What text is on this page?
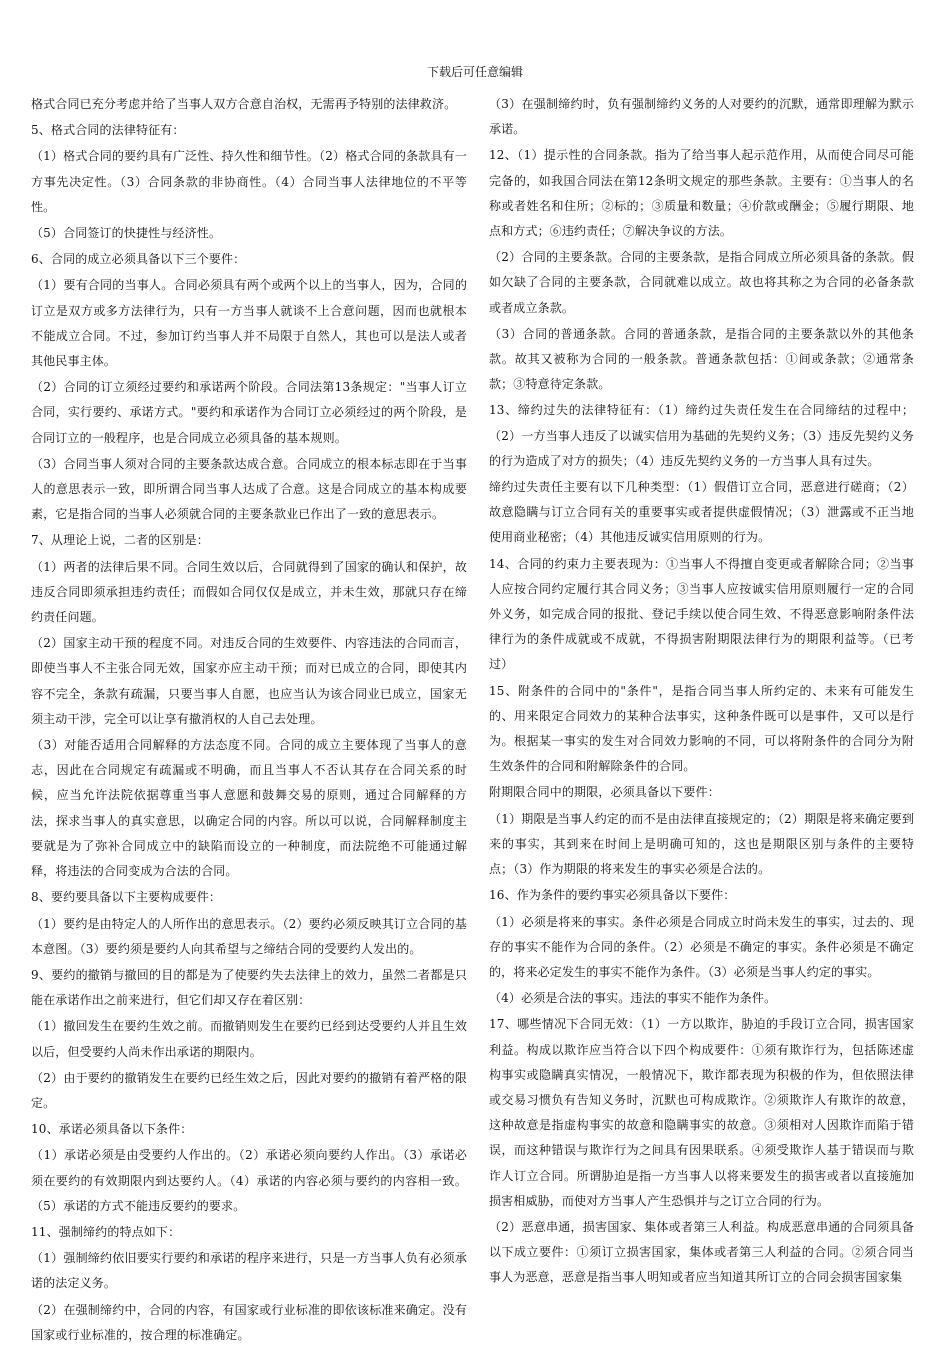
下载后可任意编辑

格式合同已充分考虑并给了当事人双方合意自治权，无需再予特别的法律救济。

5、格式合同的法律特征有：

（1）格式合同的要约具有广泛性、持久性和细节性。（2）格式合同的条款具有一方事先决定性。（3）合同条款的非协商性。（4）合同当事人法律地位的不平等性。

（5）合同签订的快捷性与经济性。

6、合同的成立必须具备以下三个要件：

（1）要有合同的当事人。合同必须具有两个或两个以上的当事人，因为，合同的订立是双方或多方法律行为，只有一方当事人就谈不上合意问题，因而也就根本不能成立合同。不过，参加订约当事人并不局限于自然人，其也可以是法人或者其他民事主体。

（2）合同的订立须经过要约和承诺两个阶段。合同法第13条规定："当事人订立合同，实行要约、承诺方式。"要约和承诺作为合同订立必须经过的两个阶段，是合同订立的一般程序，也是合同成立必须具备的基本规则。

（3）合同当事人须对合同的主要条款达成合意。合同成立的根本标志即在于当事人的意思表示一致，即所谓合同当事人达成了合意。这是合同成立的基本构成要素，它是指合同的当事人必须就合同的主要条款业已作出了一致的意思表示。

7、从理论上说，二者的区别是：

（1）两者的法律后果不同。合同生效以后，合同就得到了国家的确认和保护，故违反合同即须承担违约责任；而假如合同仅仅是成立，并未生效，那就只存在缔约责任问题。

（2）国家主动干预的程度不同。对违反合同的生效要件、内容违法的合同而言，即使当事人不主张合同无效，国家亦应主动干预；而对已成立的合同，即使其内容不完全，条款有疏漏，只要当事人自愿，也应当认为该合同业已成立，国家无须主动干涉，完全可以让享有撤消权的人自己去处理。

（3）对能否适用合同解释的方法态度不同。合同的成立主要体现了当事人的意志，因此在合同规定有疏漏或不明确，而且当事人不否认其存在合同关系的时候，应当允许法院依据尊重当事人意愿和鼓舞交易的原则，通过合同解释的方法，探求当事人的真实意思，以确定合同的内容。所以可以说，合同解释制度主要就是为了弥补合同成立中的缺陷而设立的一种制度，而法院绝不可能通过解释，将违法的合同变成为合法的合同。

8、要约要具备以下主要构成要件：

（1）要约是由特定人的人所作出的意思表示。（2）要约必须反映其订立合同的基本意图。（3）要约须是要约人向其希望与之缔结合同的受要约人发出的。

9、要约的撤销与撤回的目的都是为了使要约失去法律上的效力，虽然二者都是只能在承诺作出之前来进行，但它们却又存在着区别：

（1）撤回发生在要约生效之前。而撤销则发生在要约已经到达受要约人并且生效以后，但受要约人尚未作出承诺的期限内。

（2）由于要约的撤销发生在要约已经生效之后，因此对要约的撤销有着严格的限定。

10、承诺必须具备以下条件：

（1）承诺必须是由受要约人作出的。（2）承诺必须向要约人作出。（3）承诺必须在要约的有效期限内到达要约人。（4）承诺的内容必须与要约的内容相一致。（5）承诺的方式不能违反要约的要求。

11、强制缔约的特点如下：

（1）强制缔约依旧要实行要约和承诺的程序来进行，只是一方当事人负有必须承诺的法定义务。

（2）在强制缔约中，合同的内容，有国家或行业标准的即依该标准来确定。没有国家或行业标准的，按合理的标准确定。

（3）在强制缔约时，负有强制缔约义务的人对要约的沉默，通常即理解为默示承诺。

12、（1）提示性的合同条款。指为了给当事人起示范作用，从而使合同尽可能完备的，如我国合同法在第12条明文规定的那些条款。主要有：①当事人的名称或者姓名和住所；②标的；③质量和数量；④价款或酬金；⑤履行期限、地点和方式；⑥违约责任；⑦解决争议的方法。

（2）合同的主要条款。合同的主要条款，是指合同成立所必须具备的条款。假如欠缺了合同的主要条款，合同就难以成立。故也将其称之为合同的必备条款或者成立条款。

（3）合同的普通条款。合同的普通条款，是指合同的主要条款以外的其他条款。故其又被称为合同的一般条款。普通条款包括：①间或条款；②通常条款；③特意待定条款。

13、缔约过失的法律特征有：（1）缔约过失责任发生在合同缔结的过程中；（2）一方当事人违反了以诚实信用为基础的先契约义务；（3）违反先契约义务的行为造成了对方的损失；（4）违反先契约义务的一方当事人具有过失。

缔约过失责任主要有以下几种类型：（1）假借订立合同，恶意进行磋商；（2）故意隐瞒与订立合同有关的重要事实或者提供虚假情况；（3）泄露或不正当地使用商业秘密；（4）其他违反诚实信用原则的行为。

14、合同的约束力主要表现为：①当事人不得擅自变更或者解除合同；②当事人应按合同约定履行其合同义务；③当事人应按诚实信用原则履行一定的合同外义务，如完成合同的报批、登记手续以使合同生效、不得恶意影响附条件法律行为的条件成就或不成就，不得损害附期限法律行为的期限利益等。（已考过）

15、附条件的合同中的"条件"，是指合同当事人所约定的、未来有可能发生的、用来限定合同效力的某种合法事实，这种条件既可以是事件，又可以是行为。根据某一事实的发生对合同效力影响的不同，可以将附条件的合同分为附生效条件的合同和附解除条件的合同。

附期限合同中的期限，必须具备以下要件：

（1）期限是当事人约定的而不是由法律直接规定的；（2）期限是将来确定要到来的事实，其到来在时间上是明确可知的，这也是期限区别与条件的主要特点；（3）作为期限的将来发生的事实必须是合法的。

16、作为条件的要约事实必须具备以下要件：

（1）必须是将来的事实。条件必须是合同成立时尚未发生的事实，过去的、现存的事实不能作为合同的条件。（2）必须是不确定的事实。条件必须是不确定的，将来必定发生的事实不能作为条件。（3）必须是当事人约定的事实。

（4）必须是合法的事实。违法的事实不能作为条件。

17、哪些情况下合同无效：（1）一方以欺诈，胁迫的手段订立合同，损害国家利益。构成以欺诈应当符合以下四个构成要件：①须有欺诈行为，包括陈述虚构事实或隐瞒真实情况，一般情况下，欺诈都表现为积极的作为，但依照法律或交易习惯负有告知义务时，沉默也可构成欺诈。②须欺诈人有欺诈的故意，这种故意是指虚构事实的故意和隐瞒事实的故意。③须相对人因欺诈而陷于错误，而这种错误与欺诈行为之间具有因果联系。④须受欺诈人基于错误而与欺诈人订立合同。所谓胁迫是指一方当事人以将来要发生的损害或者以直接施加损害相威胁，而使对方当事人产生恐惧并与之订立合同的行为。

（2）恶意串通，损害国家、集体或者第三人利益。构成恶意串通的合同须具备以下成立要件：①须订立损害国家，集体或者第三人利益的合同。②须合同当事人为恶意，恶意是指当事人明知或者应当知道其所订立的合同会损害国家集
